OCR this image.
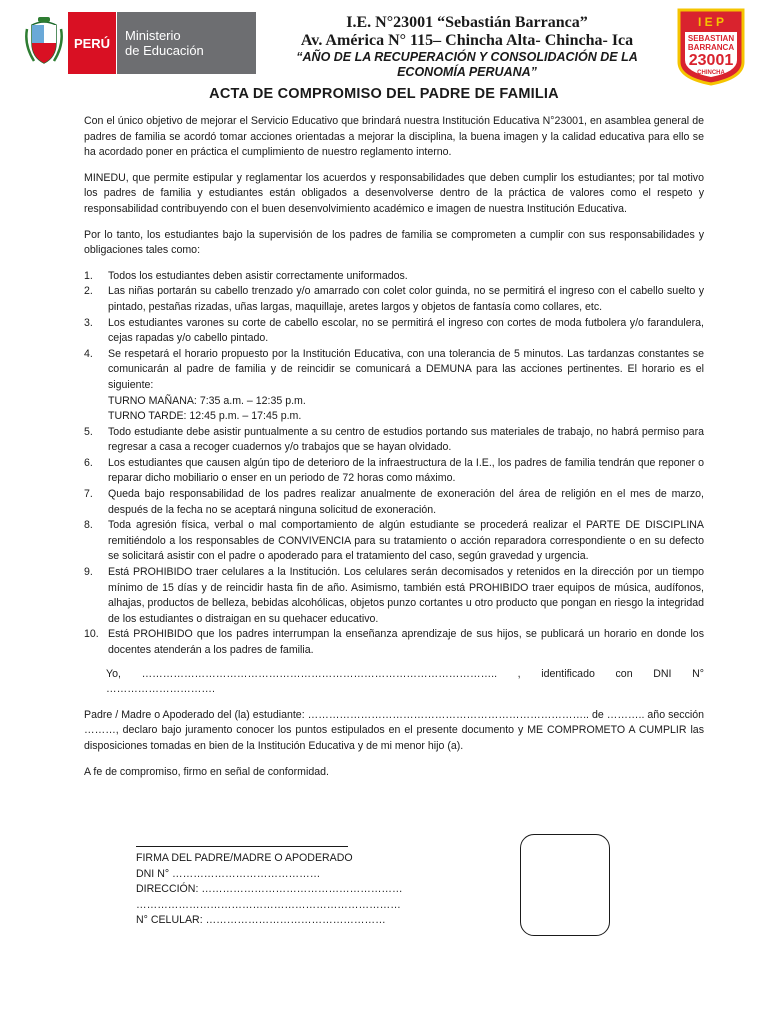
PERÚ	Ministerio
de Educación
I.E. N°23001 “Sebastián Barranca”
Av. América N° 115– Chincha Alta- Chincha- Ica
“AÑO DE LA RECUPERACIÓN Y CONSOLIDACIÓN DE LA
ECONOMÍA PERUANA”
I E P
SEBASTIAN
BARRANCA
23001
CHINCHA
ACTA DE COMPROMISO DEL PADRE DE FAMILIA

Con el único objetivo de mejorar el Servicio Educativo que brindará nuestra Institución Educativa N°23001, en asamblea general de padres de familia se acordó tomar acciones orientadas a mejorar la disciplina, la buena imagen y la calidad educativa para ello se ha acordado poner en práctica el cumplimiento de nuestro reglamento interno.

MINEDU, que permite estipular y reglamentar los acuerdos y responsabilidades que deben cumplir los estudiantes; por tal motivo los padres de familia y estudiantes están obligados a desenvolverse dentro de la práctica de valores como el respeto y responsabilidad contribuyendo con el buen desenvolvimiento académico e imagen de nuestra Institución Educativa.

Por lo tanto, los estudiantes bajo la supervisión de los padres de familia se comprometen a cumplir con sus responsabilidades y obligaciones tales como:

1.	Todos los estudiantes deben asistir correctamente uniformados.
2.	Las niñas portarán su cabello trenzado y/o amarrado con colet color guinda, no se permitirá el ingreso con el cabello suelto y pintado, pestañas rizadas, uñas largas, maquillaje, aretes largos y objetos de fantasía como collares, etc.
3.	Los estudiantes varones su corte de cabello escolar, no se permitirá el ingreso con cortes de moda futbolera y/o farandulera, cejas rapadas y/o cabello pintado.
4.	Se respetará el horario propuesto por la Institución Educativa, con una tolerancia de 5 minutos. Las tardanzas constantes se comunicarán al padre de familia y de reincidir se comunicará a DEMUNA para las acciones pertinentes. El horario es el siguiente:
TURNO MAÑANA: 7:35 a.m. – 12:35 p.m.
TURNO TARDE: 12:45 p.m. – 17:45 p.m.
5.	Todo estudiante debe asistir puntualmente a su centro de estudios portando sus materiales de trabajo, no habrá permiso para regresar a casa a recoger cuadernos y/o trabajos que se hayan olvidado.
6.	Los estudiantes que causen algún tipo de deterioro de la infraestructura de la I.E., los padres de familia tendrán que reponer o reparar dicho mobiliario o enser en un periodo de 72 horas como máximo.
7.	Queda bajo responsabilidad de los padres realizar anualmente de exoneración del área de religión en el mes de marzo, después de la fecha no se aceptará ninguna solicitud de exoneración.
8.	Toda agresión física, verbal o mal comportamiento de algún estudiante se procederá realizar el PARTE DE DISCIPLINA remitiéndolo a los responsables de CONVIVENCIA para su tratamiento o acción reparadora correspondiente o en su defecto se solicitará asistir con el padre o apoderado para el tratamiento del caso, según gravedad y urgencia.
9.	Está PROHIBIDO traer celulares a la Institución. Los celulares serán decomisados y retenidos en la dirección por un tiempo mínimo de 15 días y de reincidir hasta fin de año. Asimismo, también está PROHIBIDO traer equipos de música, audífonos, alhajas, productos de belleza, bebidas alcohólicas, objetos punzo cortantes u otro producto que pongan en riesgo la integridad de los estudiantes o distraigan en su quehacer educativo.
10. Está PROHIBIDO que los padres interrumpan la enseñanza aprendizaje de sus hijos, se publicará un horario en donde los docentes atenderán a los padres de familia.

Yo, ……………………………………………………………………………………….. , identificado con DNI N° ………………………….

Padre / Madre o Apoderado del (la) estudiante: …………………………………………………………………….. de ……….. año sección ………, declaro bajo juramento conocer los puntos estipulados en el presente documento y ME COMPROMETO A CUMPLIR las disposiciones tomadas en bien de la Institución Educativa y de mi menor hijo (a).

A fe de compromiso, firmo en señal de conformidad.

FIRMA DEL PADRE/MADRE O APODERADO
DNI N° ……………………………………
DIRECCIÓN: …………………………………………………
…………………………………………………………………
N° CELULAR: ……………………………………………
